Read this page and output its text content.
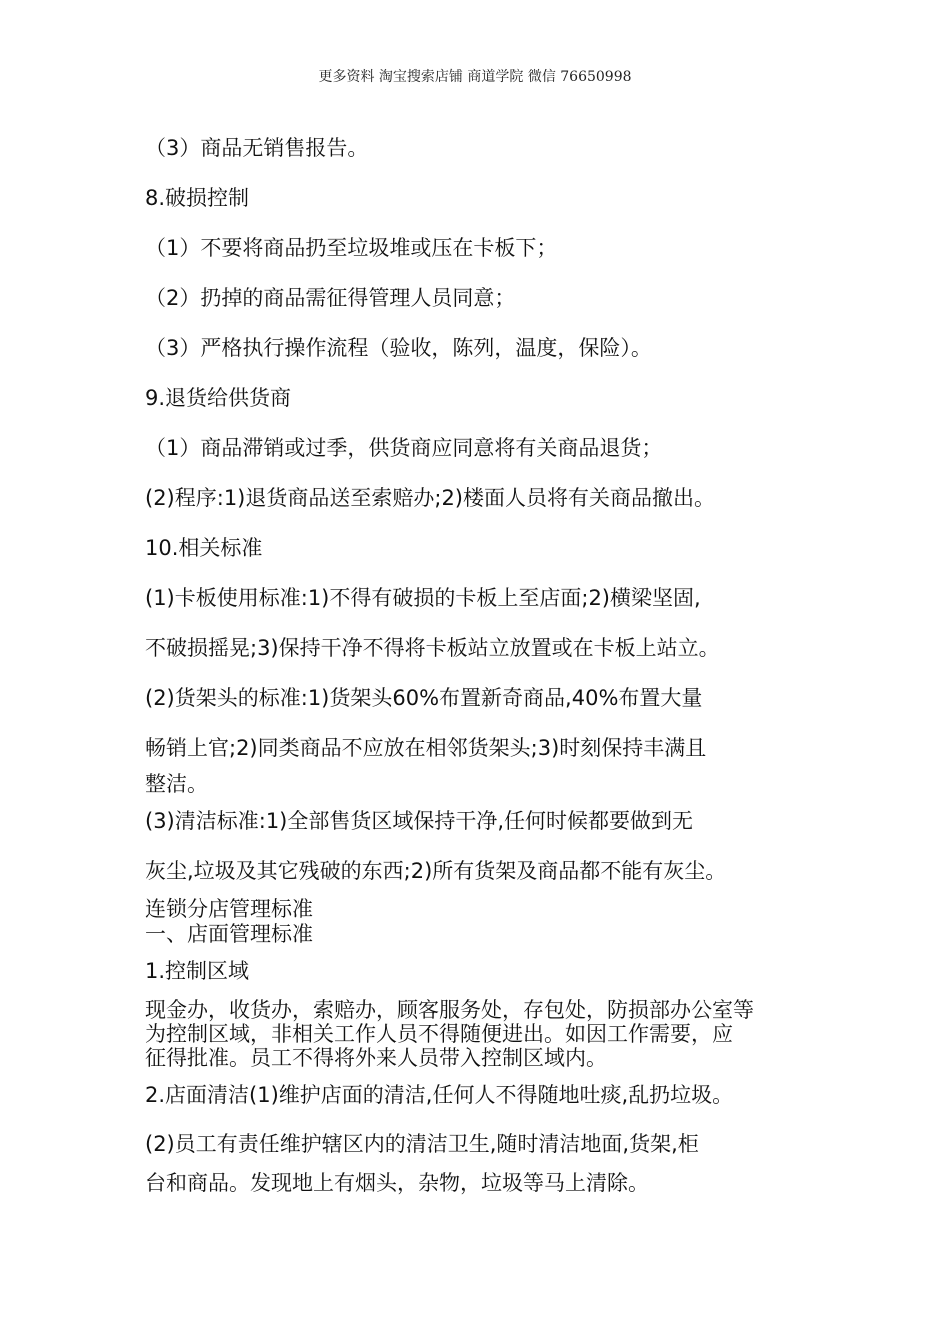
更多资料 淘宝搜索店铺 商道学院 微信 76650998
（3）商品无销售报告。
8.破损控制
（1）不要将商品扔至垃圾堆或压在卡板下；
（2）扔掉的商品需征得管理人员同意；
（3）严格执行操作流程（验收，陈列，温度，保险）。
9.退货给供货商
（1）商品滞销或过季，供货商应同意将有关商品退货；
(2)程序:1)退货商品送至索赔办;2)楼面人员将有关商品撤出。
10.相关标准
(1)卡板使用标准:1)不得有破损的卡板上至店面;2)横梁坚固,
不破损摇晃;3)保持干净不得将卡板站立放置或在卡板上站立。
(2)货架头的标准:1)货架头60%布置新奇商品,40%布置大量
畅销上官;2)同类商品不应放在相邻货架头;3)时刻保持丰满且
整洁。
(3)清洁标准:1)全部售货区域保持干净,任何时候都要做到无
灰尘,垃圾及其它残破的东西;2)所有货架及商品都不能有灰尘。
连锁分店管理标准
一、店面管理标准
1.控制区域
现金办，收货办，索赔办，顾客服务处，存包处，防损部办公室等
为控制区域，非相关工作人员不得随便进出。如因工作需要，应
征得批准。员工不得将外来人员带入控制区域内。
2.店面清洁(1)维护店面的清洁,任何人不得随地吐痰,乱扔垃圾。
(2)员工有责任维护辖区内的清洁卫生,随时清洁地面,货架,柜
台和商品。发现地上有烟头，杂物，垃圾等马上清除。
